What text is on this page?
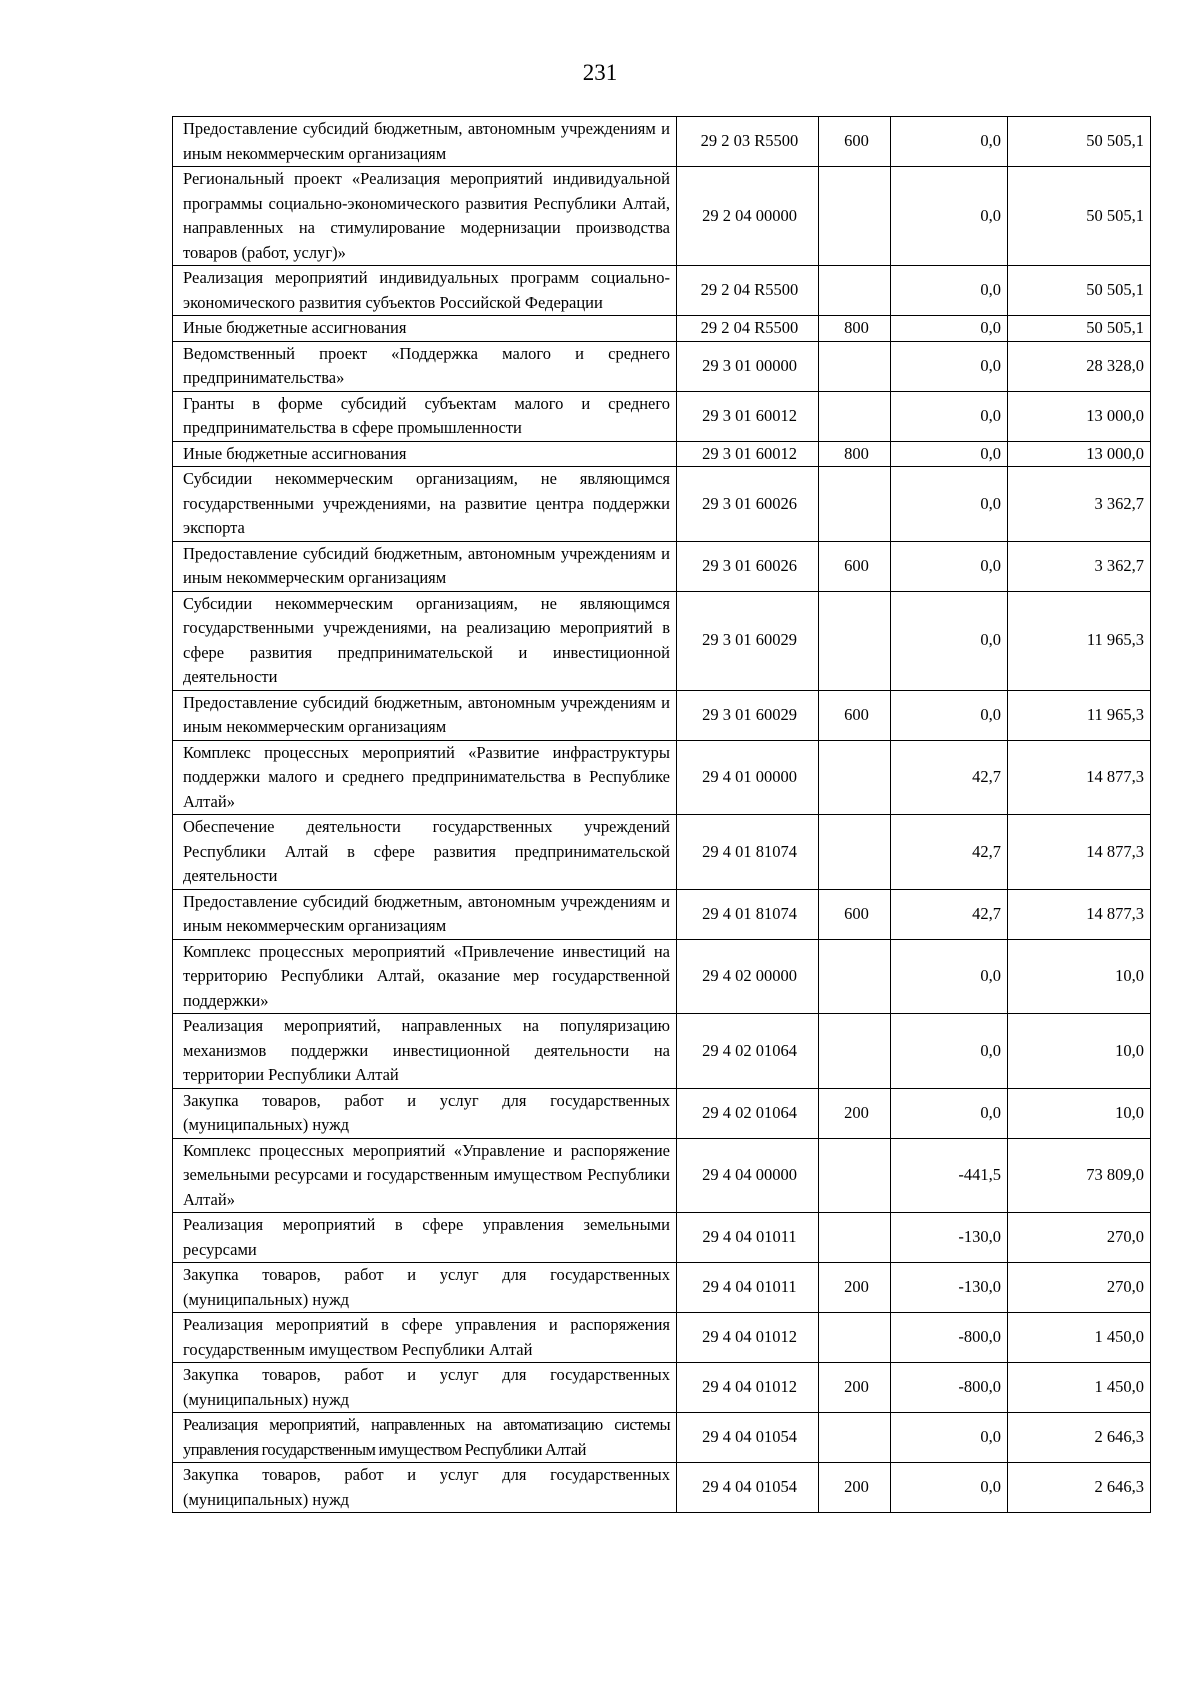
231
Предоставление субсидий бюджетным, автономным учреждениям и иным некоммерческим организациям	29 2 03 R5500	600	0,0	50 505,1
Региональный проект «Реализация мероприятий индивидуальной программы социально-экономического развития Республики Алтай, направленных на стимулирование модернизации производства товаров (работ, услуг)»	29 2 04 00000		0,0	50 505,1
Реализация мероприятий индивидуальных программ социально-экономического развития субъектов Российской Федерации	29 2 04 R5500		0,0	50 505,1
Иные бюджетные ассигнования	29 2 04 R5500	800	0,0	50 505,1
Ведомственный проект «Поддержка малого и среднего предпринимательства»	29 3 01 00000		0,0	28 328,0
Гранты в форме субсидий субъектам малого и среднего предпринимательства в сфере промышленности	29 3 01 60012		0,0	13 000,0
Иные бюджетные ассигнования	29 3 01 60012	800	0,0	13 000,0
Субсидии некоммерческим организациям, не являющимся государственными учреждениями, на развитие центра поддержки экспорта	29 3 01 60026		0,0	3 362,7
Предоставление субсидий бюджетным, автономным учреждениям и иным некоммерческим организациям	29 3 01 60026	600	0,0	3 362,7
Субсидии некоммерческим организациям, не являющимся государственными учреждениями, на реализацию мероприятий в сфере развития предпринимательской и инвестиционной деятельности	29 3 01 60029		0,0	11 965,3
Предоставление субсидий бюджетным, автономным учреждениям и иным некоммерческим организациям	29 3 01 60029	600	0,0	11 965,3
Комплекс процессных мероприятий «Развитие инфраструктуры поддержки малого и среднего предпринимательства в Республике Алтай»	29 4 01 00000		42,7	14 877,3
Обеспечение деятельности государственных учреждений Республики Алтай в сфере развития предпринимательской деятельности	29 4 01 81074		42,7	14 877,3
Предоставление субсидий бюджетным, автономным учреждениям и иным некоммерческим организациям	29 4 01 81074	600	42,7	14 877,3
Комплекс процессных мероприятий «Привлечение инвестиций на территорию Республики Алтай, оказание мер государственной поддержки»	29 4 02 00000		0,0	10,0
Реализация мероприятий, направленных на популяризацию механизмов поддержки инвестиционной деятельности на территории Республики Алтай	29 4 02 01064		0,0	10,0
Закупка товаров, работ и услуг для государственных (муниципальных) нужд	29 4 02 01064	200	0,0	10,0
Комплекс процессных мероприятий «Управление и распоряжение земельными ресурсами и государственным имуществом Республики Алтай»	29 4 04 00000		-441,5	73 809,0
Реализация мероприятий в сфере управления земельными ресурсами	29 4 04 01011		-130,0	270,0
Закупка товаров, работ и услуг для государственных (муниципальных) нужд	29 4 04 01011	200	-130,0	270,0
Реализация мероприятий в сфере управления и распоряжения государственным имуществом Республики Алтай	29 4 04 01012		-800,0	1 450,0
Закупка товаров, работ и услуг для государственных (муниципальных) нужд	29 4 04 01012	200	-800,0	1 450,0
Реализация мероприятий, направленных на автоматизацию системы управления государственным имуществом Республики Алтай	29 4 04 01054		0,0	2 646,3
Закупка товаров, работ и услуг для государственных (муниципальных) нужд	29 4 04 01054	200	0,0	2 646,3
